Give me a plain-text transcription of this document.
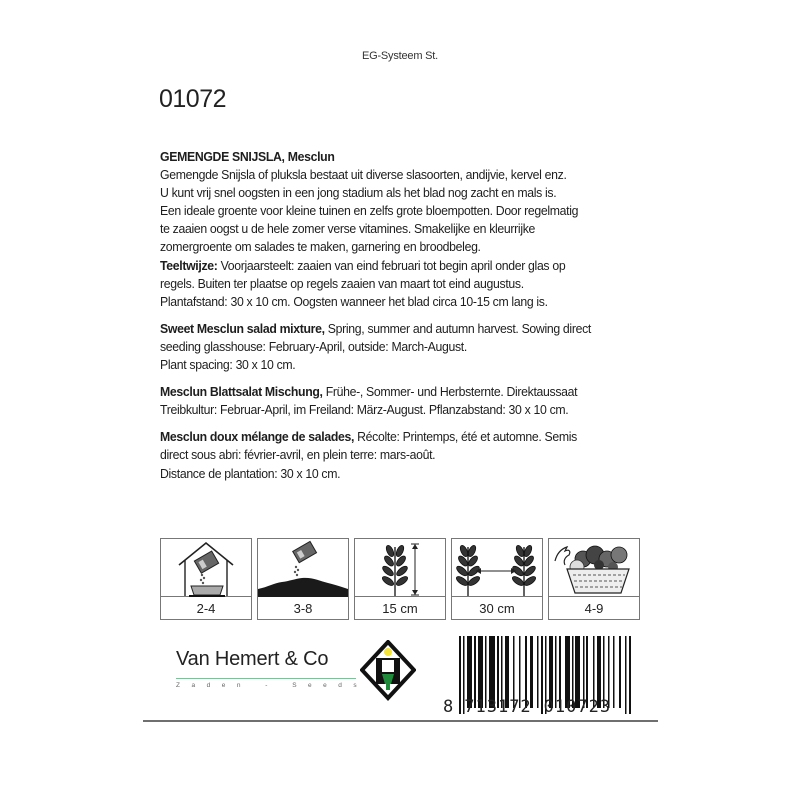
EG-Systeem St.
01072

GEMENGDE SNIJSLA, Mesclun

Gemengde Snijsla of pluksla bestaat uit diverse slasoorten, andijvie, kervel enz.

U kunt vrij snel oogsten in een jong stadium als het blad nog zacht en mals is.

Een ideale groente voor kleine tuinen en zelfs grote bloempotten. Door regelmatig

te zaaien oogst u de hele zomer verse vitamines. Smakelijke en kleurrijke

zomergroente om salades te maken, garnering en broodbeleg.

Teeltwijze: Voorjaarsteelt: zaaien van eind februari tot begin april onder glas op

regels. Buiten ter plaatse op regels zaaien van maart tot eind augustus.

Plantafstand: 30 x 10 cm. Oogsten wanneer het blad circa 10-15 cm lang is.

Sweet Mesclun salad mixture, Spring, summer and autumn harvest. Sowing direct

seeding glasshouse: February-April, outside: March-August.

Plant spacing: 30 x 10 cm.

Mesclun Blattsalat Mischung, Frühe-, Sommer- und Herbsternte. Direktaussaat

Treibkultur: Februar-April, im Freiland: März-August. Pflanzabstand: 30 x 10 cm.

Mesclun doux mélange de salades, Récolte: Printemps, été et automne. Semis

direct sous abri: février-avril, en plein terre: mars-août.

Distance de plantation: 30 x 10 cm.

2-4	3-8	15 cm	30 cm	4-9
Van Hemert & Co
Zaden - Seeds
8 713172 010723
